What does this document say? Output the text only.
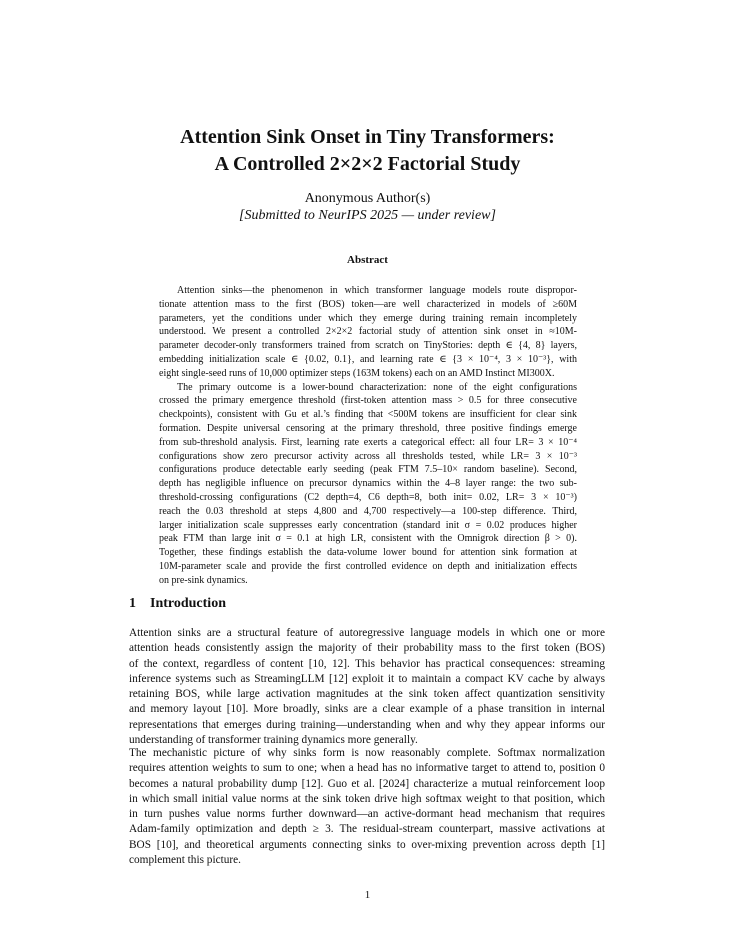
Attention Sink Onset in Tiny Transformers:
A Controlled 2×2×2 Factorial Study
Anonymous Author(s)
[Submitted to NeurIPS 2025 — under review]
Abstract
Attention sinks—the phenomenon in which transformer language models route dispropor-
tionate attention mass to the first (BOS) token—are well characterized in models of ≥60M
parameters, yet the conditions under which they emerge during training remain incompletely
understood. We present a controlled 2×2×2 factorial study of attention sink onset in ≈10M-
parameter decoder-only transformers trained from scratch on TinyStories: depth ∈ {4, 8} layers,
embedding initialization scale ∈ {0.02, 0.1}, and learning rate ∈ {3 × 10⁻⁴, 3 × 10⁻³}, with
eight single-seed runs of 10,000 optimizer steps (163M tokens) each on an AMD Instinct MI300X.
The primary outcome is a lower-bound characterization: none of the eight configurations
crossed the primary emergence threshold (first-token attention mass > 0.5 for three consecutive
checkpoints), consistent with Gu et al.’s finding that <500M tokens are insufficient for clear sink
formation. Despite universal censoring at the primary threshold, three positive findings emerge
from sub-threshold analysis. First, learning rate exerts a categorical effect: all four LR= 3 × 10⁻⁴
configurations show zero precursor activity across all thresholds tested, while LR= 3 × 10⁻³
configurations produce detectable early seeding (peak FTM 7.5–10× random baseline). Second,
depth has negligible influence on precursor dynamics within the 4–8 layer range: the two sub-
threshold-crossing configurations (C2 depth=4, C6 depth=8, both init= 0.02, LR= 3 × 10⁻³)
reach the 0.03 threshold at steps 4,800 and 4,700 respectively—a 100-step difference. Third,
larger initialization scale suppresses early concentration (standard init σ = 0.02 produces higher
peak FTM than large init σ = 0.1 at high LR, consistent with the Omnigrok direction β > 0).
Together, these findings establish the data-volume lower bound for attention sink formation at
10M-parameter scale and provide the first controlled evidence on depth and initialization effects
on pre-sink dynamics.
1 Introduction
Attention sinks are a structural feature of autoregressive language models in which one or more
attention heads consistently assign the majority of their probability mass to the first token (BOS)
of the context, regardless of content [10, 12]. This behavior has practical consequences: streaming
inference systems such as StreamingLLM [12] exploit it to maintain a compact KV cache by always
retaining BOS, while large activation magnitudes at the sink token affect quantization sensitivity
and memory layout [10]. More broadly, sinks are a clear example of a phase transition in internal
representations that emerges during training—understanding when and why they appear informs our
understanding of transformer training dynamics more generally.
The mechanistic picture of why sinks form is now reasonably complete. Softmax normalization
requires attention weights to sum to one; when a head has no informative target to attend to, position 0
becomes a natural probability dump [12]. Guo et al. [2024] characterize a mutual reinforcement loop
in which small initial value norms at the sink token drive high softmax weight to that position, which
in turn pushes value norms further downward—an active-dormant head mechanism that requires
Adam-family optimization and depth ≥ 3. The residual-stream counterpart, massive activations at
BOS [10], and theoretical arguments connecting sinks to over-mixing prevention across depth [1]
complement this picture.
1
